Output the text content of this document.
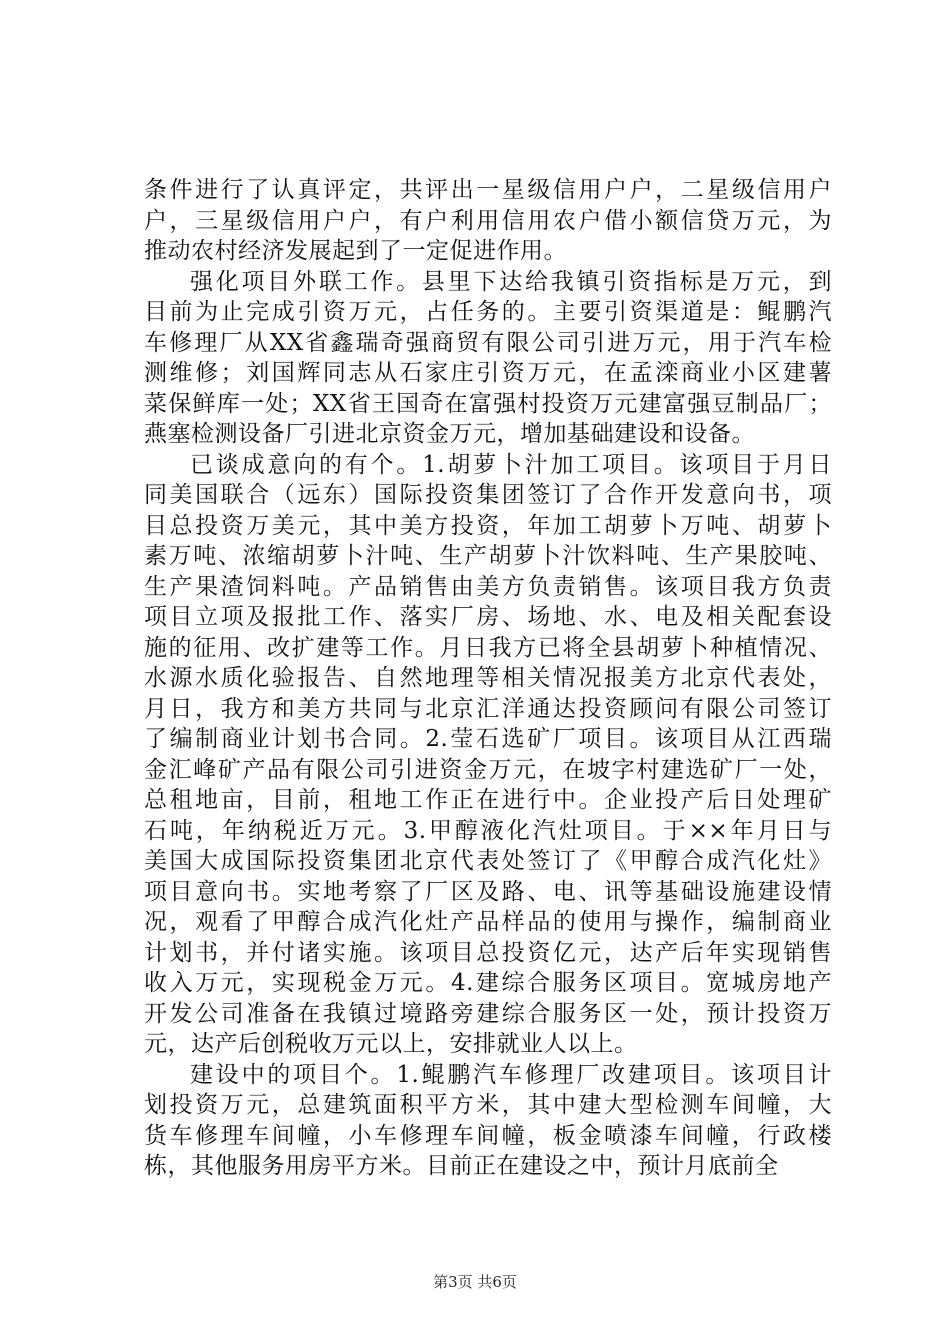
条件进行了认真评定，共评出一星级信用户户，二星级信用户
户，三星级信用户户，有户利用信用农户借小额信贷万元，为
推动农村经济发展起到了一定促进作用。
强化项目外联工作。县里下达给我镇引资指标是万元，到
目前为止完成引资万元，占任务的。主要引资渠道是：鲲鹏汽
车修理厂从XX省鑫瑞奇强商贸有限公司引进万元，用于汽车检
测维修；刘国辉同志从石家庄引资万元，在孟滦商业小区建薯
菜保鲜库一处；XX省王国奇在富强村投资万元建富强豆制品厂；
燕塞检测设备厂引进北京资金万元，增加基础建设和设备。
已谈成意向的有个。1.胡萝卜汁加工项目。该项目于月日
同美国联合（远东）国际投资集团签订了合作开发意向书，项
目总投资万美元，其中美方投资，年加工胡萝卜万吨、胡萝卜
素万吨、浓缩胡萝卜汁吨、生产胡萝卜汁饮料吨、生产果胶吨、
生产果渣饲料吨。产品销售由美方负责销售。该项目我方负责
项目立项及报批工作、落实厂房、场地、水、电及相关配套设
施的征用、改扩建等工作。月日我方已将全县胡萝卜种植情况、
水源水质化验报告、自然地理等相关情况报美方北京代表处，
月日，我方和美方共同与北京汇洋通达投资顾问有限公司签订
了编制商业计划书合同。2.莹石选矿厂项目。该项目从江西瑞
金汇峰矿产品有限公司引进资金万元，在坡字村建选矿厂一处，
总租地亩，目前，租地工作正在进行中。企业投产后日处理矿
石吨，年纳税近万元。3.甲醇液化汽灶项目。于××年月日与
美国大成国际投资集团北京代表处签订了《甲醇合成汽化灶》
项目意向书。实地考察了厂区及路、电、讯等基础设施建设情
况，观看了甲醇合成汽化灶产品样品的使用与操作，编制商业
计划书，并付诸实施。该项目总投资亿元，达产后年实现销售
收入万元，实现税金万元。4.建综合服务区项目。宽城房地产
开发公司准备在我镇过境路旁建综合服务区一处，预计投资万
元，达产后创税收万元以上，安排就业人以上。
建设中的项目个。1.鲲鹏汽车修理厂改建项目。该项目计
划投资万元，总建筑面积平方米，其中建大型检测车间幢，大
货车修理车间幢，小车修理车间幢，板金喷漆车间幢，行政楼
栋，其他服务用房平方米。目前正在建设之中，预计月底前全
第3页 共6页
